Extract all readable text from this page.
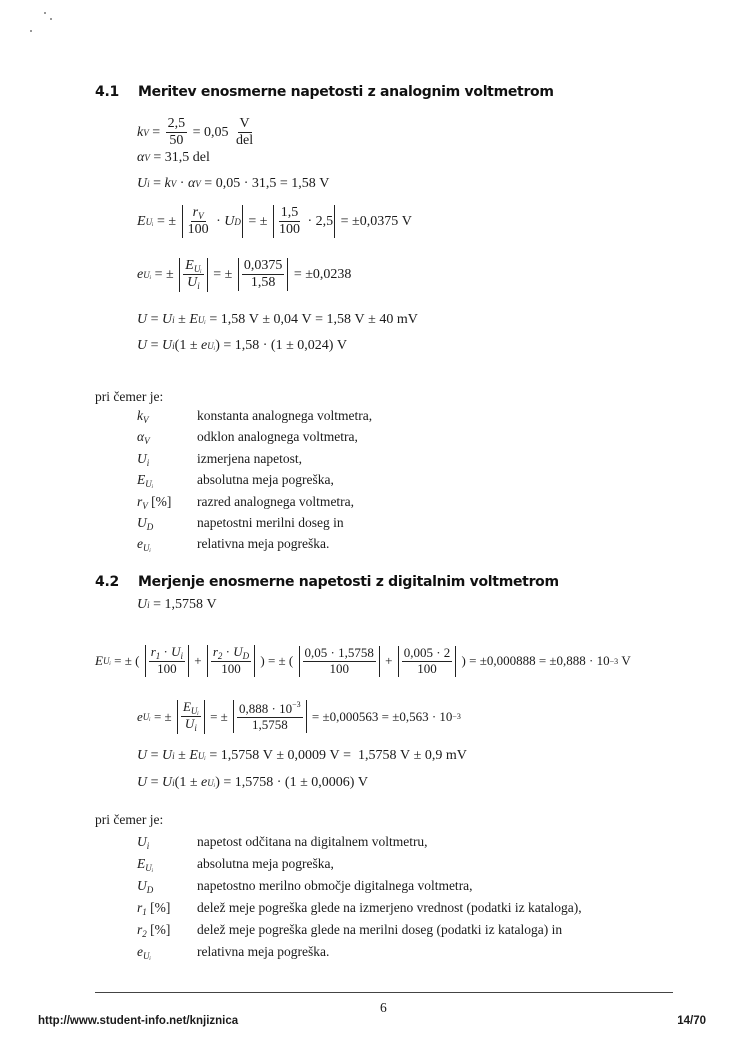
4.1 Meritev enosmerne napetosti z analognim voltmetrom
k $V = \frac{2,5}{50} = 0,05 \frac{V}{\text{del}}$
α V = 31,5 del
U i = k V · α V = 0,05 · 31,5 = 1,58 V
E Uᵢ = ± $\frac{r_V}{100} \cdot U$ D = ± $\frac{1,5}{100} \cdot 2,5 = \pm 0,0375$ V
e Uᵢ = ± $\frac{E_{Uᵢ}}{U_i}$ = ± $\frac{0,0375}{1,58} = \pm 0,0238$
U = U i ± E Uᵢ = 1,58 V ± 0,04 V = 1,58 V ± 40 mV
U = U i (1 ± e Uᵢ ) = 1,58 · (1 ± 0,024) V
pri čemer je:
$k_V$	konstanta analognega voltmetra,
$\alpha_V$	odklon analognega voltmetra,
$U_i$	izmerjena napetost,
$E_{Uᵢ}$	absolutna meja pogreška,
$r_V$ [%] razred analognega voltmetra,
$U_D$	napetostni merilni doseg in
$e_{Uᵢ}$	relativna meja pogreška.
4.2 Merjenje enosmerne napetosti z digitalnim voltmetrom
U i = 1,5758 V
E Uᵢ = ± ( $\frac{r_1 \cdot U_i}{100} + \frac{r_2 \cdot U_D}{100}$ ) = ± ( $\frac{0,05 \cdot 1,5758}{100} + \frac{0,005 \cdot 2}{100}$ ) = ±0,000888 = ±0,888 · 10 −3 V
e Uᵢ = ± $\frac{E_{Uᵢ}}{U_i}$ = ± $\frac{0,888 \cdot 10^{-3}}{1,5758} = \pm 0,000563 = \pm 0,563 \cdot 10 -3$
U = U i ± E Uᵢ = 1,5758 V ± 0,0009 V =  1,5758 V ± 0,9 mV
U = U i (1 ± e Uᵢ ) = 1,5758 · (1 ± 0,0006) V
pri čemer je:
$U_i$	napetost odčitana na digitalnem voltmetru,
$E_{Uᵢ}$	absolutna meja pogreška,
$U_D$	napetostno merilno območje digitalnega voltmetra,
$r_1$ [%] delež meje pogreška glede na izmerjeno vrednost (podatki iz kataloga),
$r_2$ [%] delež meje pogreška glede na merilni doseg (podatki iz kataloga) in
$e_{Uᵢ}$	relativna meja pogreška.
6
http://www.student-info.net/knjiznica	14/70
